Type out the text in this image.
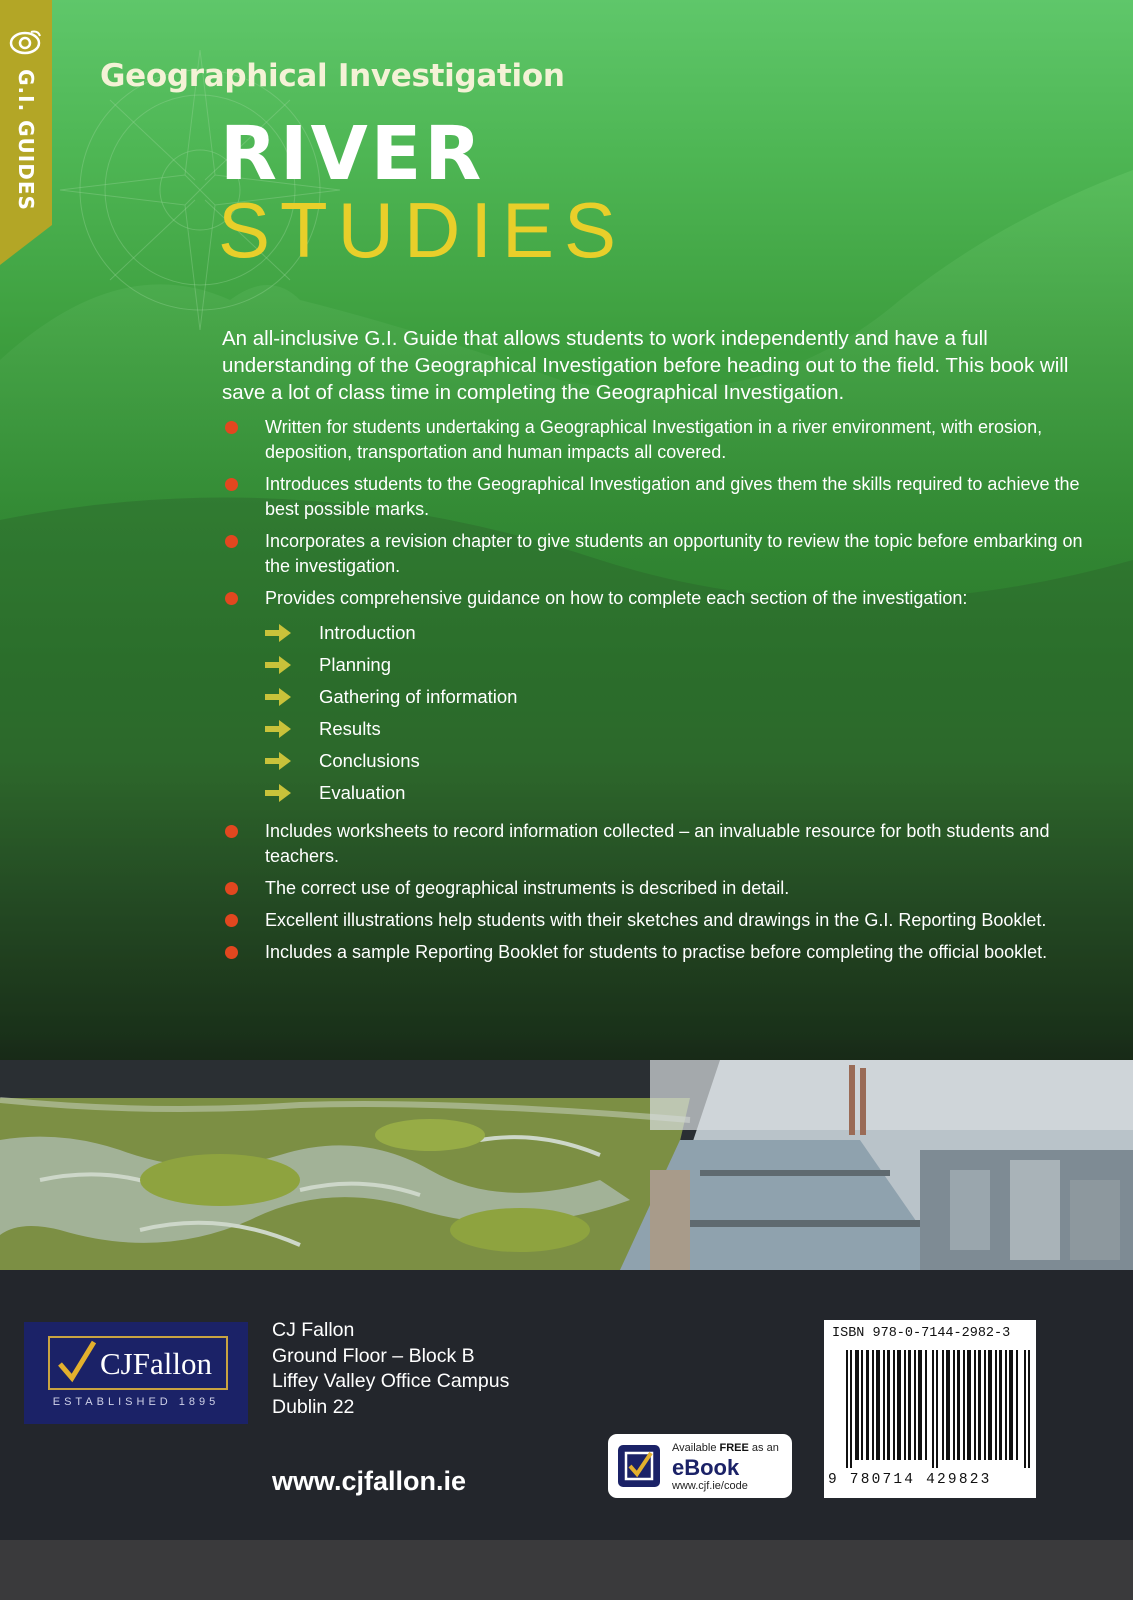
G.I. GUIDES Geographical Investigation
RIVER
STUDIES
An all-inclusive G.I. Guide that allows students to work independently and have a full understanding of the Geographical Investigation before heading out to the field. This book will save a lot of class time in completing the Geographical Investigation.
Written for students undertaking a Geographical Investigation in a river environment, with erosion, deposition, transportation and human impacts all covered.
Introduces students to the Geographical Investigation and gives them the skills required to achieve the best possible marks.
Incorporates a revision chapter to give students an opportunity to review the topic before embarking on the investigation.
Provides comprehensive guidance on how to complete each section of the investigation:
Introduction
Planning
Gathering of information
Results
Conclusions
Evaluation
Includes worksheets to record information collected – an invaluable resource for both students and teachers.
The correct use of geographical instruments is described in detail.
Excellent illustrations help students with their sketches and drawings in the G.I. Reporting Booklet.
Includes a sample Reporting Booklet for students to practise before completing the official booklet.
CJFallon
ESTABLISHED 1895
CJ Fallon
Ground Floor – Block B
Liffey Valley Office Campus
Dublin 22
www.cjfallon.ie
Available FREE as an
eBook
www.cjf.ie/code
ISBN 978-0-7144-2982-3
9 780714 429823
